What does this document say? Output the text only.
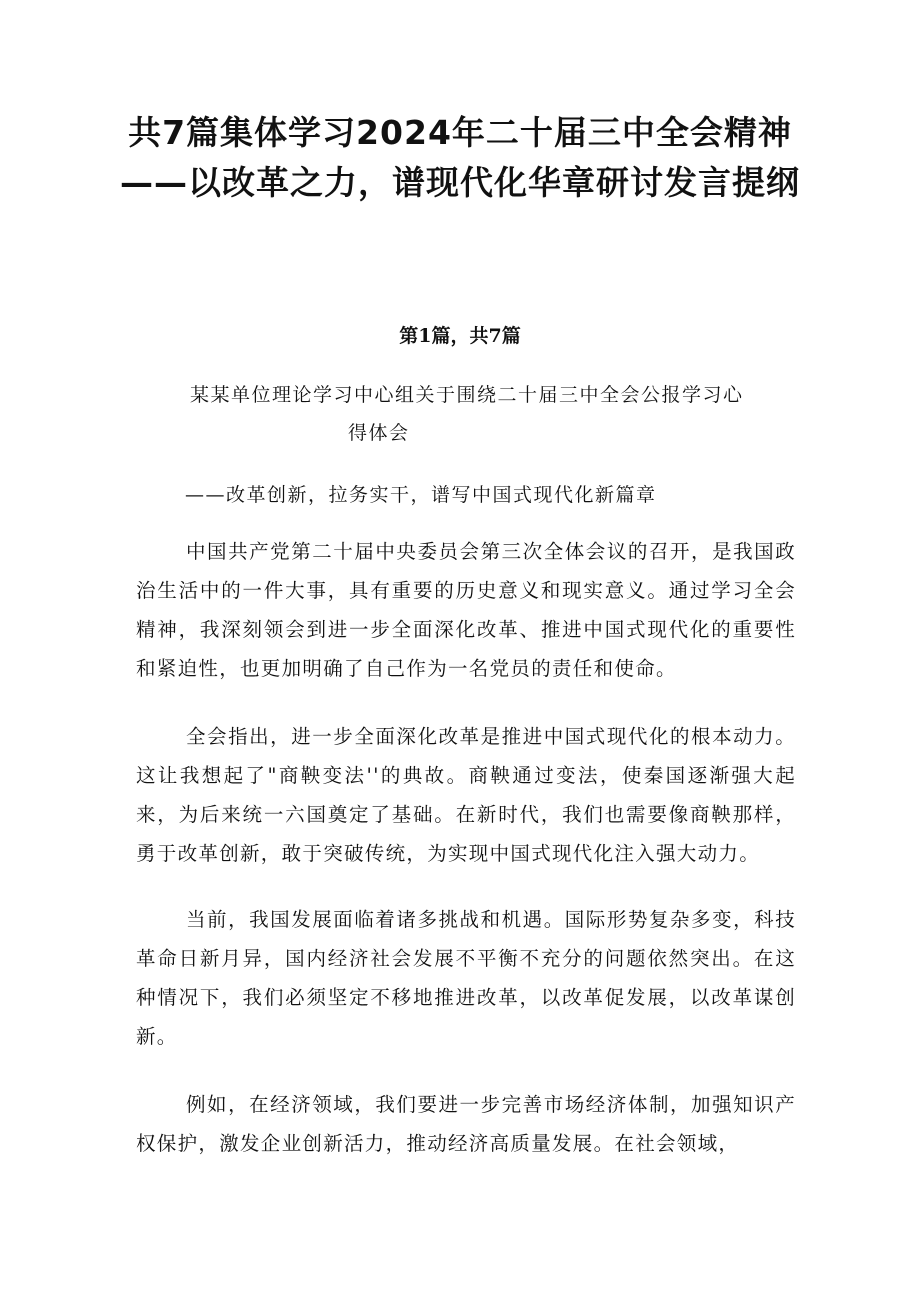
共7篇集体学习2024年二十届三中全会精神——以改革之力，谱现代化华章研讨发言提纲
第1篇，共7篇
某某单位理论学习中心组关于围绕二十届三中全会公报学习心
得体会
——改革创新，拉务实干，谱写中国式现代化新篇章

中国共产党第二十届中央委员会第三次全体会议的召开，是我国政治生活中的一件大事，具有重要的历史意义和现实意义。通过学习全会精神，我深刻领会到进一步全面深化改革、推进中国式现代化的重要性和紧迫性，也更加明确了自己作为一名党员的责任和使命。

全会指出，进一步全面深化改革是推进中国式现代化的根本动力。这让我想起了"商鞅变法''的典故。商鞅通过变法，使秦国逐渐强大起来，为后来统一六国奠定了基础。在新时代，我们也需要像商鞅那样，勇于改革创新，敢于突破传统，为实现中国式现代化注入强大动力。

当前，我国发展面临着诸多挑战和机遇。国际形势复杂多变，科技革命日新月异，国内经济社会发展不平衡不充分的问题依然突出。在这种情况下，我们必须坚定不移地推进改革，以改革促发展，以改革谋创新。

例如，在经济领域，我们要进一步完善市场经济体制，加强知识产权保护，激发企业创新活力，推动经济高质量发展。在社会领域，
